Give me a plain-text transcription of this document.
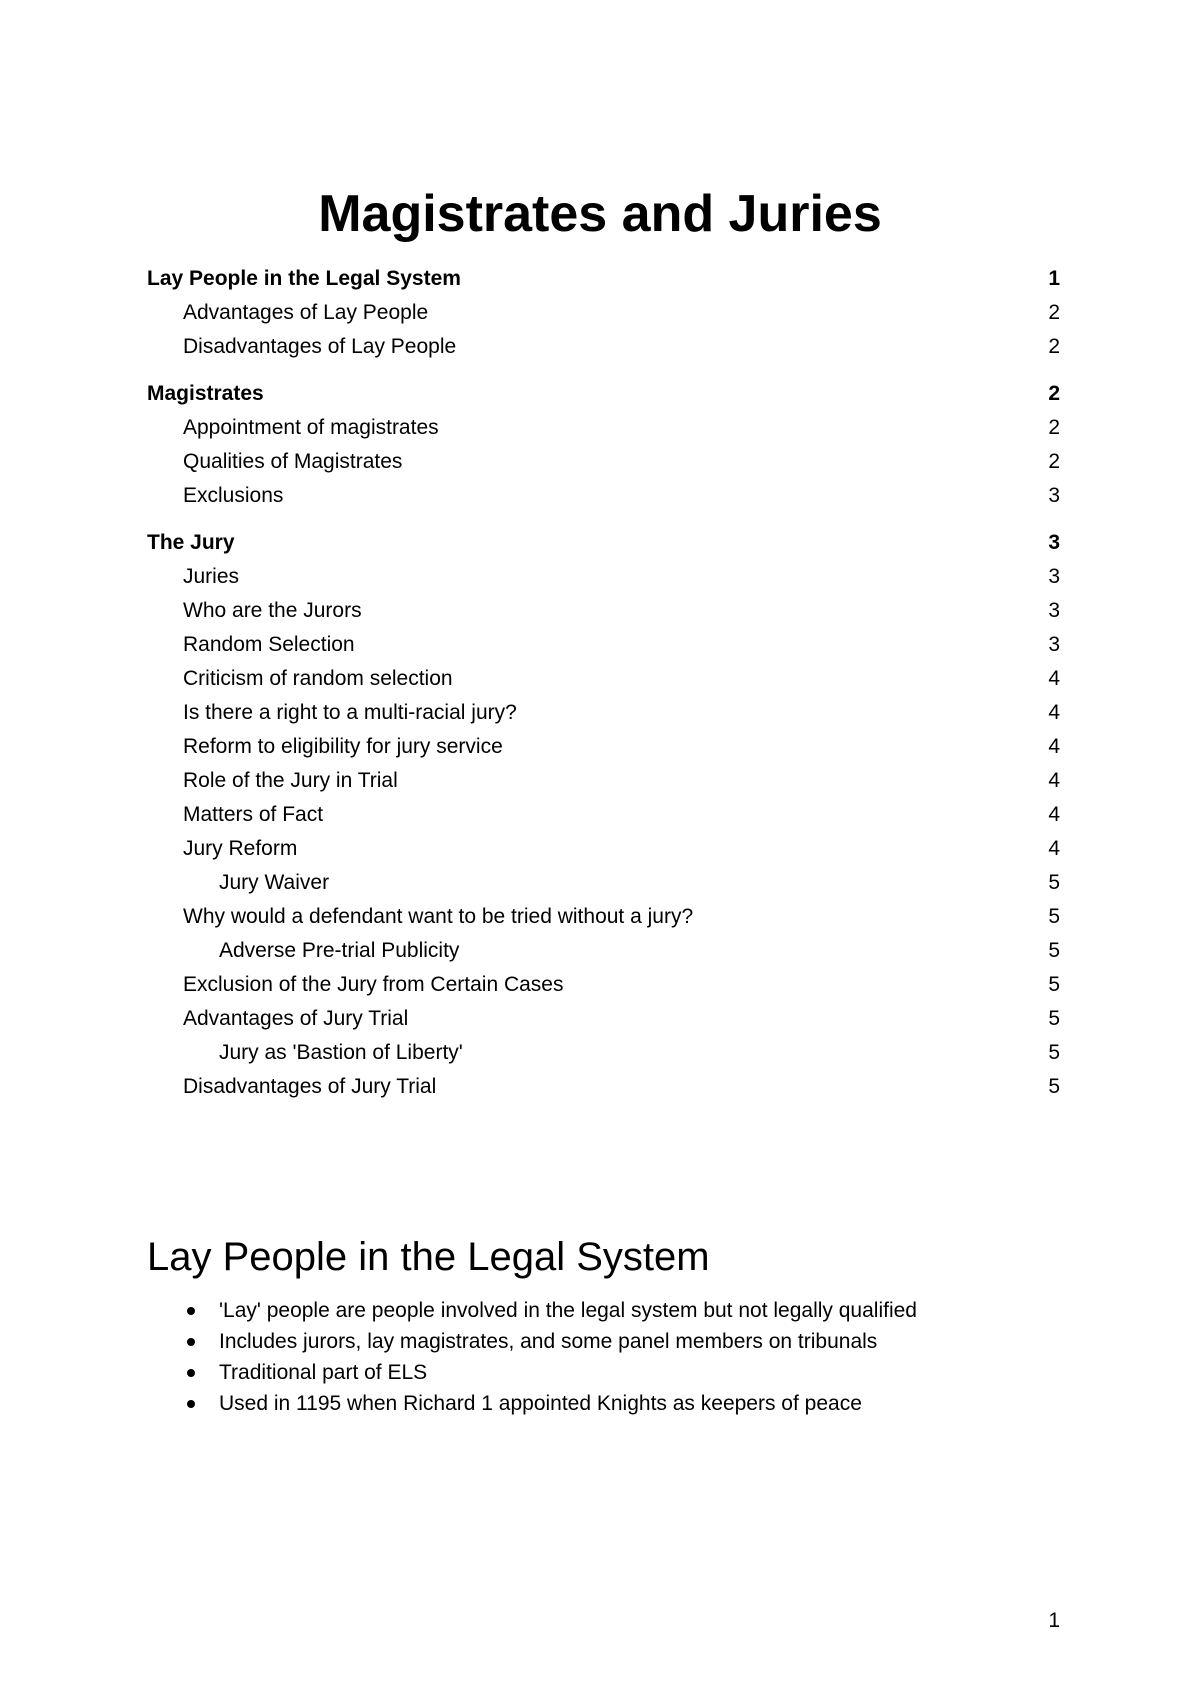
Magistrates and Juries
Lay People in the Legal System	1
Advantages of Lay People	2
Disadvantages of Lay People	2
Magistrates	2
Appointment of magistrates	2
Qualities of Magistrates	2
Exclusions	3
The Jury	3
Juries	3
Who are the Jurors	3
Random Selection	3
Criticism of random selection	4
Is there a right to a multi-racial jury?	4
Reform to eligibility for jury service	4
Role of the Jury in Trial	4
Matters of Fact	4
Jury Reform	4
Jury Waiver	5
Why would a defendant want to be tried without a jury?	5
Adverse Pre-trial Publicity	5
Exclusion of the Jury from Certain Cases	5
Advantages of Jury Trial	5
Jury as 'Bastion of Liberty'	5
Disadvantages of Jury Trial	5
Lay People in the Legal System
'Lay' people are people involved in the legal system but not legally qualified
Includes jurors, lay magistrates, and some panel members on tribunals
Traditional part of ELS
Used in 1195 when Richard 1 appointed Knights as keepers of peace
1
